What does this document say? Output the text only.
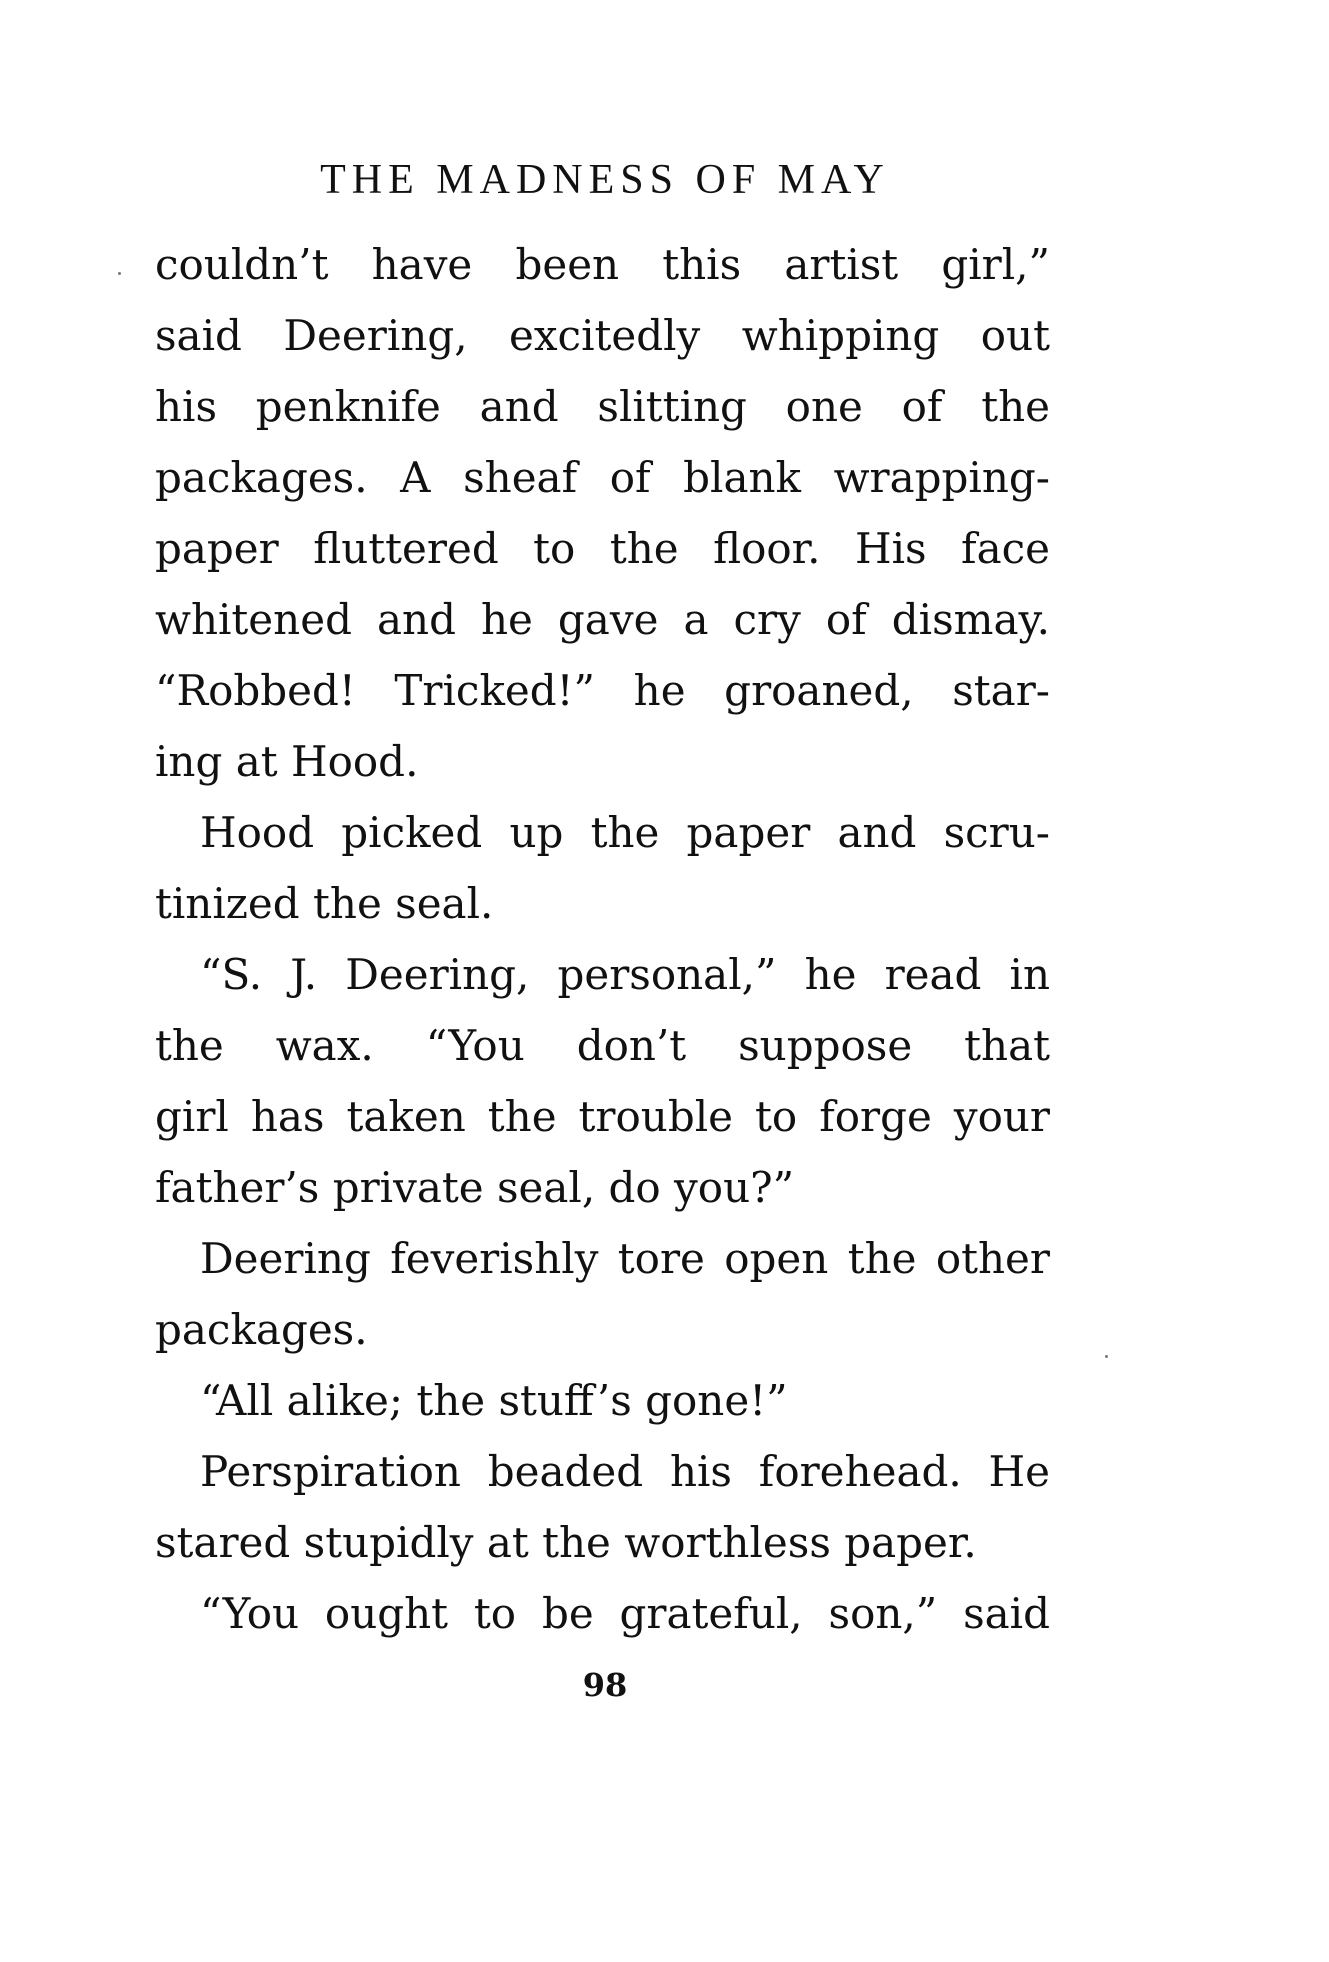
THE MADNESS OF MAY
couldn’t have been this artist girl,”
said Deering, excitedly whipping out
his penknife and slitting one of the
packages. A sheaf of blank wrapping-
paper fluttered to the floor. His face
whitened and he gave a cry of dismay.
“Robbed! Tricked!” he groaned, star-
ing at Hood.
Hood picked up the paper and scru-
tinized the seal.
“S. J. Deering, personal,” he read in
the wax. “You don’t suppose that
girl has taken the trouble to forge your
father’s private seal, do you?”
Deering feverishly tore open the other
packages.
“All alike; the stuff’s gone!”
Perspiration beaded his forehead. He
stared stupidly at the worthless paper.
“You ought to be grateful, son,” said
98
